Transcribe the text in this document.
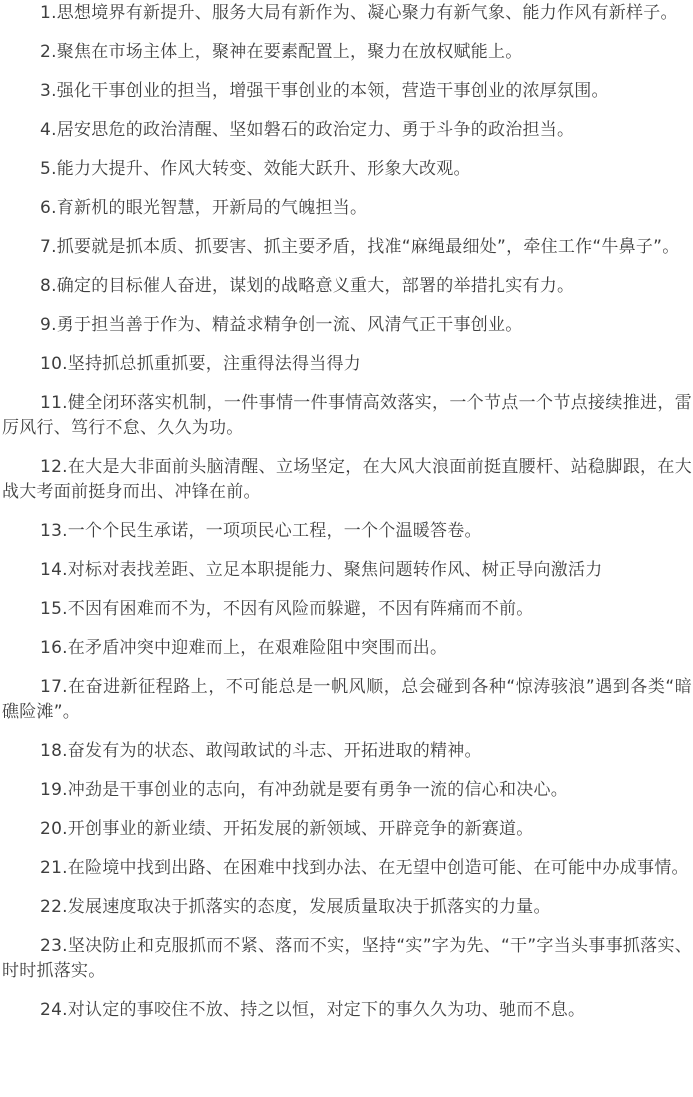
1.思想境界有新提升、服务大局有新作为、凝心聚力有新气象、能力作风有新样子。

2.聚焦在市场主体上，聚神在要素配置上，聚力在放权赋能上。

3.强化干事创业的担当，增强干事创业的本领，营造干事创业的浓厚氛围。

4.居安思危的政治清醒、坚如磐石的政治定力、勇于斗争的政治担当。

5.能力大提升、作风大转变、效能大跃升、形象大改观。

6.育新机的眼光智慧，开新局的气魄担当。

7.抓要就是抓本质、抓要害、抓主要矛盾，找准“麻绳最细处”，牵住工作“牛鼻子”。

8.确定的目标催人奋进，谋划的战略意义重大，部署的举措扎实有力。

9.勇于担当善于作为、精益求精争创一流、风清气正干事创业。

10.坚持抓总抓重抓要，注重得法得当得力

11.健全闭环落实机制，一件事情一件事情高效落实，一个节点一个节点接续推进，雷厉风行、笃行不怠、久久为功。

12.在大是大非面前头脑清醒、立场坚定，在大风大浪面前挺直腰杆、站稳脚跟，在大战大考面前挺身而出、冲锋在前。

13.一个个民生承诺，一项项民心工程，一个个温暖答卷。

14.对标对表找差距、立足本职提能力、聚焦问题转作风、树正导向激活力

15.不因有困难而不为，不因有风险而躲避，不因有阵痛而不前。

16.在矛盾冲突中迎难而上，在艰难险阻中突围而出。

17.在奋进新征程路上，不可能总是一帆风顺，总会碰到各种“惊涛骇浪”遇到各类“暗礁险滩”。

18.奋发有为的状态、敢闯敢试的斗志、开拓进取的精神。

19.冲劲是干事创业的志向，有冲劲就是要有勇争一流的信心和决心。

20.开创事业的新业绩、开拓发展的新领域、开辟竞争的新赛道。

21.在险境中找到出路、在困难中找到办法、在无望中创造可能、在可能中办成事情。

22.发展速度取决于抓落实的态度，发展质量取决于抓落实的力量。

23.坚决防止和克服抓而不紧、落而不实，坚持“实”字为先、“干”字当头事事抓落实、时时抓落实。

24.对认定的事咬住不放、持之以恒，对定下的事久久为功、驰而不息。
